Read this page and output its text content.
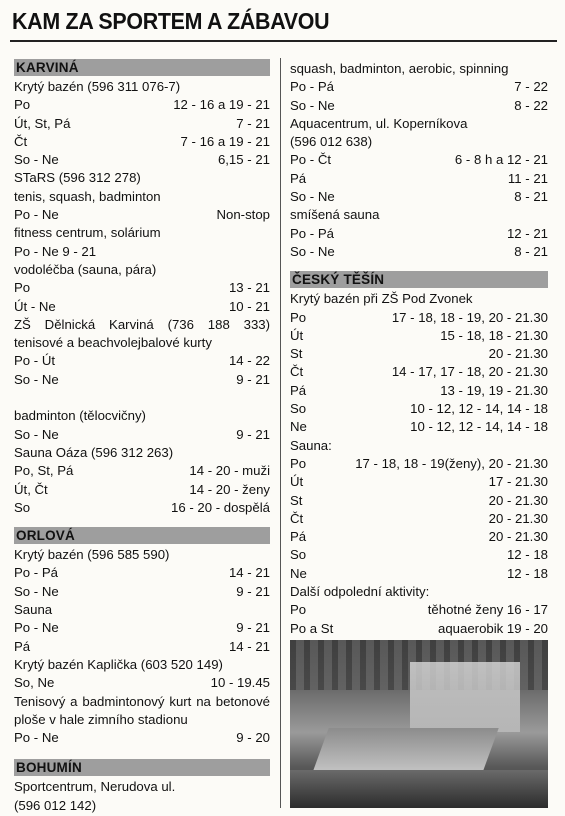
KAM ZA SPORTEM A ZÁBAVOU
KARVINÁ
Krytý bazén (596 311 076-7)
Po	12 - 16 a 19 - 21
Út, St, Pá	7 - 21
Čt	7 - 16 a 19 - 21
So - Ne	6,15 - 21
STaRS (596 312 278)
tenis, squash, badminton
Po - Ne	Non-stop
fitness centrum, solárium
Po - Ne 9 - 21
vodoléčba (sauna, pára)
Po	13 - 21
Út - Ne	10 - 21
ZŠ Dělnická Karviná (736 188 333) tenisové a beachvolejbalové kurty
Po - Út	14 - 22
So - Ne	9 - 21
badminton (tělocvičny)
So - Ne	9 - 21
Sauna Oáza (596 312 263)
Po, St, Pá	14 - 20 - muži
Út, Čt	14 - 20 - ženy
So	16 - 20 - dospělá
ORLOVÁ
Krytý bazén (596 585 590)
Po - Pá	14 - 21
So - Ne	9 - 21
Sauna
Po - Ne	9 - 21
Pá	14 - 21
Krytý bazén Kaplička (603 520 149)
So, Ne	10 - 19.45
Tenisový a badmintonový kurt na betonové ploše v hale zimního stadionu
Po - Ne	9 - 20
BOHUMÍN
Sportcentrum, Nerudova ul.
(596 012 142)
squash, badminton, aerobic, spinning
Po - Pá	7 - 22
So - Ne	8 - 22
Aquacentrum, ul. Koperníkova
(596 012 638)
Po - Čt	6 - 8 h a 12 - 21
Pá	11 - 21
So - Ne	8 - 21
smíšená sauna
Po - Pá	12 - 21
So - Ne	8 - 21
ČESKÝ TĚŠÍN
Krytý bazén při ZŠ Pod Zvonek
Po	17 - 18, 18 - 19, 20 - 21.30
Út	15 - 18, 18 - 21.30
St	20 - 21.30
Čt	14 - 17, 17 - 18, 20 - 21.30
Pá	13 - 19, 19 - 21.30
So	10 - 12, 12 - 14, 14 - 18
Ne	10 - 12, 12 - 14, 14 - 18
Sauna:
Po	17 - 18, 18 - 19(ženy), 20 - 21.30
Út	17 - 21.30
St	20 - 21.30
Čt	20 - 21.30
Pá	20 - 21.30
So	12 - 18
Ne	12 - 18
Další odpolední aktivity:
Po	těhotné ženy 16 - 17
Po a St	aquaerobik 19 - 20
